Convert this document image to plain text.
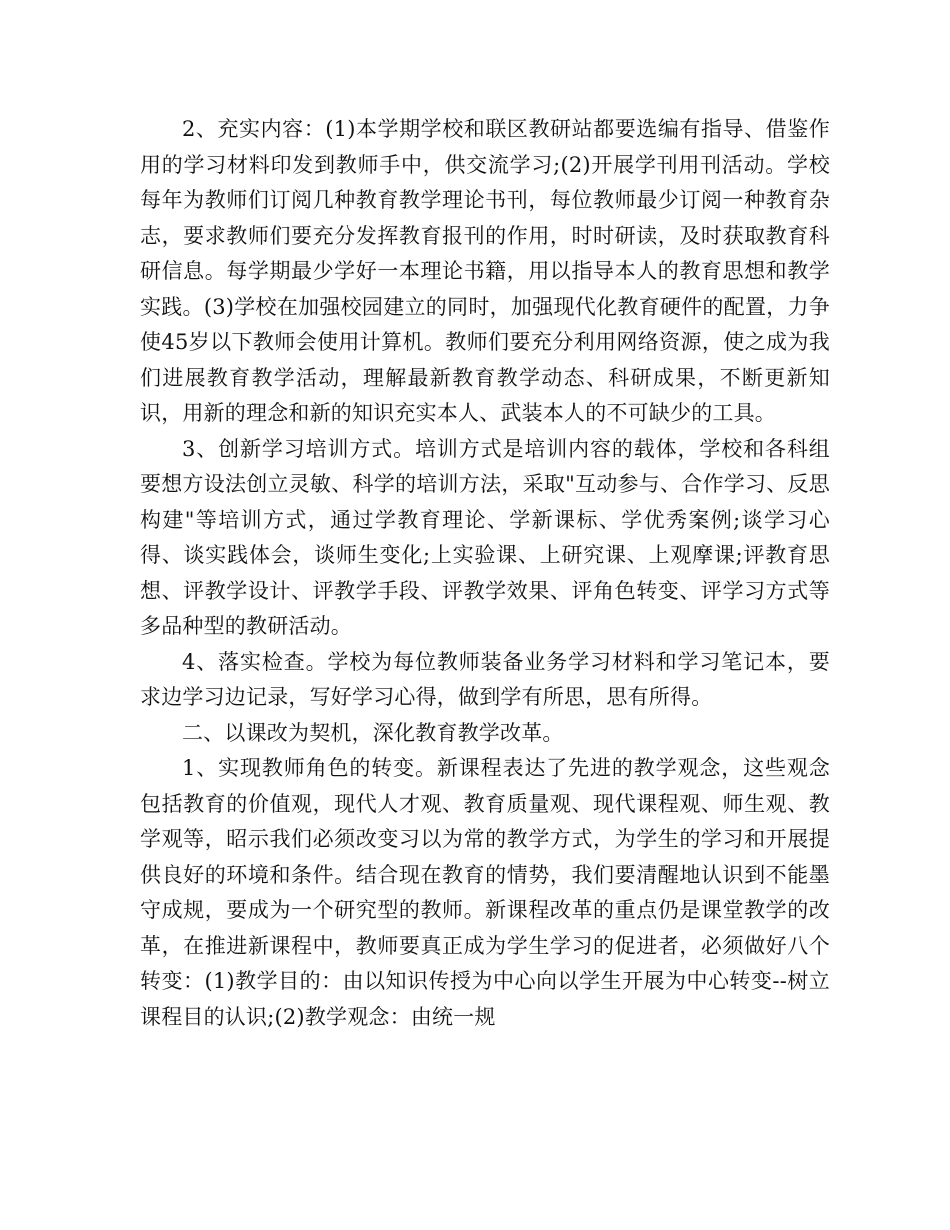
2、充实内容：(1)本学期学校和联区教研站都要选编有指导、借鉴作用的学习材料印发到教师手中，供交流学习;(2)开展学刊用刊活动。学校每年为教师们订阅几种教育教学理论书刊，每位教师最少订阅一种教育杂志，要求教师们要充分发挥教育报刊的作用，时时研读，及时获取教育科研信息。每学期最少学好一本理论书籍，用以指导本人的教育思想和教学实践。(3)学校在加强校园建立的同时，加强现代化教育硬件的配置，力争使45岁以下教师会使用计算机。教师们要充分利用网络资源，使之成为我们进展教育教学活动，理解最新教育教学动态、科研成果，不断更新知识，用新的理念和新的知识充实本人、武装本人的不可缺少的工具。

3、创新学习培训方式。培训方式是培训内容的载体，学校和各科组要想方设法创立灵敏、科学的培训方法，采取"互动参与、合作学习、反思构建"等培训方式，通过学教育理论、学新课标、学优秀案例;谈学习心得、谈实践体会，谈师生变化;上实验课、上研究课、上观摩课;评教育思想、评教学设计、评教学手段、评教学效果、评角色转变、评学习方式等多品种型的教研活动。

4、落实检查。学校为每位教师装备业务学习材料和学习笔记本，要求边学习边记录，写好学习心得，做到学有所思，思有所得。

二、以课改为契机，深化教育教学改革。

1、实现教师角色的转变。新课程表达了先进的教学观念，这些观念包括教育的价值观，现代人才观、教育质量观、现代课程观、师生观、教学观等，昭示我们必须改变习以为常的教学方式，为学生的学习和开展提供良好的环境和条件。结合现在教育的情势，我们要清醒地认识到不能墨守成规，要成为一个研究型的教师。新课程改革的重点仍是课堂教学的改革，在推进新课程中，教师要真正成为学生学习的促进者，必须做好八个转变：(1)教学目的：由以知识传授为中心向以学生开展为中心转变--树立课程目的认识;(2)教学观念：由统一规
